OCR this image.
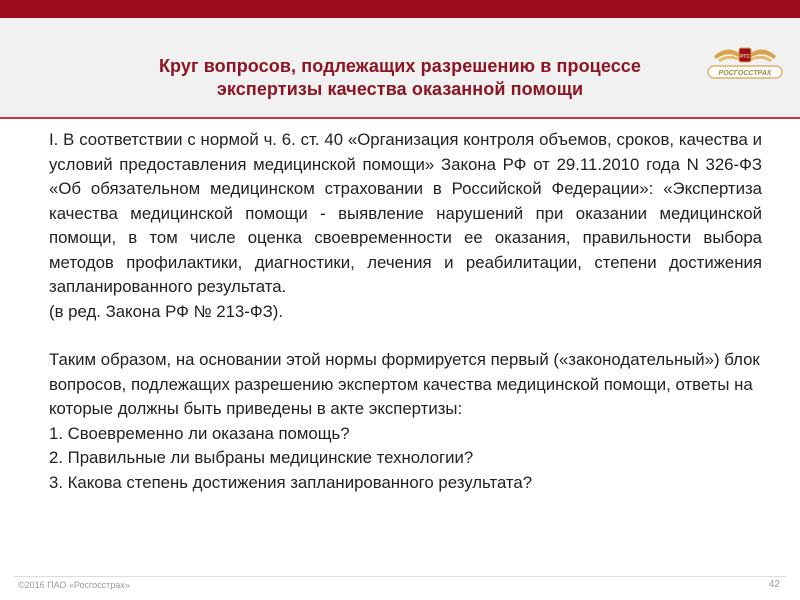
Круг вопросов, подлежащих разрешению в процессе
экспертизы качества оказанной помощи
РГС
РОСГОССТРАХ

I. В соответствии с нормой ч. 6. ст. 40 «Организация контроля объемов, сроков, качества и условий предоставления медицинской помощи» Закона РФ от 29.11.2010 года N 326-ФЗ «Об обязательном медицинском страховании в Российской Федерации»: «Экспертиза качества медицинской помощи - выявление нарушений при оказании медицинской помощи, в том числе оценка своевременности ее оказания, правильности выбора методов профилактики, диагностики, лечения и реабилитации, степени достижения запланированного результата.

(в ред. Закона РФ № 213-ФЗ).

Таким образом, на основании этой нормы формируется первый («законодательный») блок вопросов, подлежащих разрешению экспертом качества медицинской помощи, ответы на которые должны быть приведены в акте экспертизы:

1. Своевременно ли оказана помощь?
2. Правильные ли выбраны медицинские технологии?
3. Какова степень достижения запланированного результата?
©2016 ПАО «Росгосстрах»	42
